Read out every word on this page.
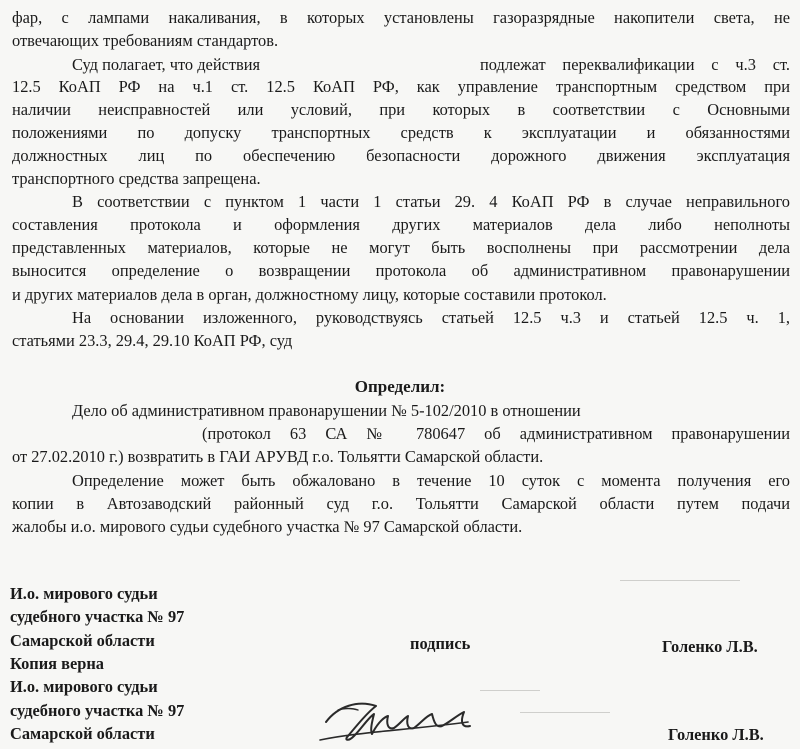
фар, с лампами накаливания, в которых установлены газоразрядные накопители света, не
отвечающих требованиям стандартов.
Суд полагает, что действия	подлежат переквалификации с ч.3 ст.
12.5 КоАП РФ на ч.1 ст. 12.5 КоАП РФ, как управление транспортным средством при
наличии неисправностей или условий, при которых в соответствии с Основными
положениями по допуску транспортных средств к эксплуатации и обязанностями
должностных лиц по обеспечению безопасности дорожного движения эксплуатация
транспортного средства запрещена.
В соответствии с пунктом 1 части 1 статьи 29. 4 КоАП РФ в случае неправильного
составления протокола и оформления других материалов дела либо неполноты
представленных материалов, которые не могут быть восполнены при рассмотрении дела
выносится определение о возвращении протокола об административном правонарушении
и других материалов дела в орган, должностному лицу, которые составили протокол.
На основании изложенного, руководствуясь статьей 12.5 ч.3 и статьей 12.5 ч. 1,
статьями 23.3, 29.4, 29.10 КоАП РФ, суд
Определил:
Дело об административном правонарушении № 5-102/2010 в отношении
(протокол 63 СА № 780647 об административном правонарушении
от 27.02.2010 г.) возвратить в ГАИ АРУВД г.о. Тольятти Самарской области.
Определение может быть обжаловано в течение 10 суток с момента получения его
копии в Автозаводский районный суд г.о. Тольятти Самарской области путем подачи
жалобы и.о. мирового судьи судебного участка № 97 Самарской области.
И.о. мирового судьи
судебного участка № 97
Самарской области
Копия верна
И.о. мирового судьи
судебного участка № 97
Самарской области
подпись	Голенко Л.В.
Голенко Л.В.
